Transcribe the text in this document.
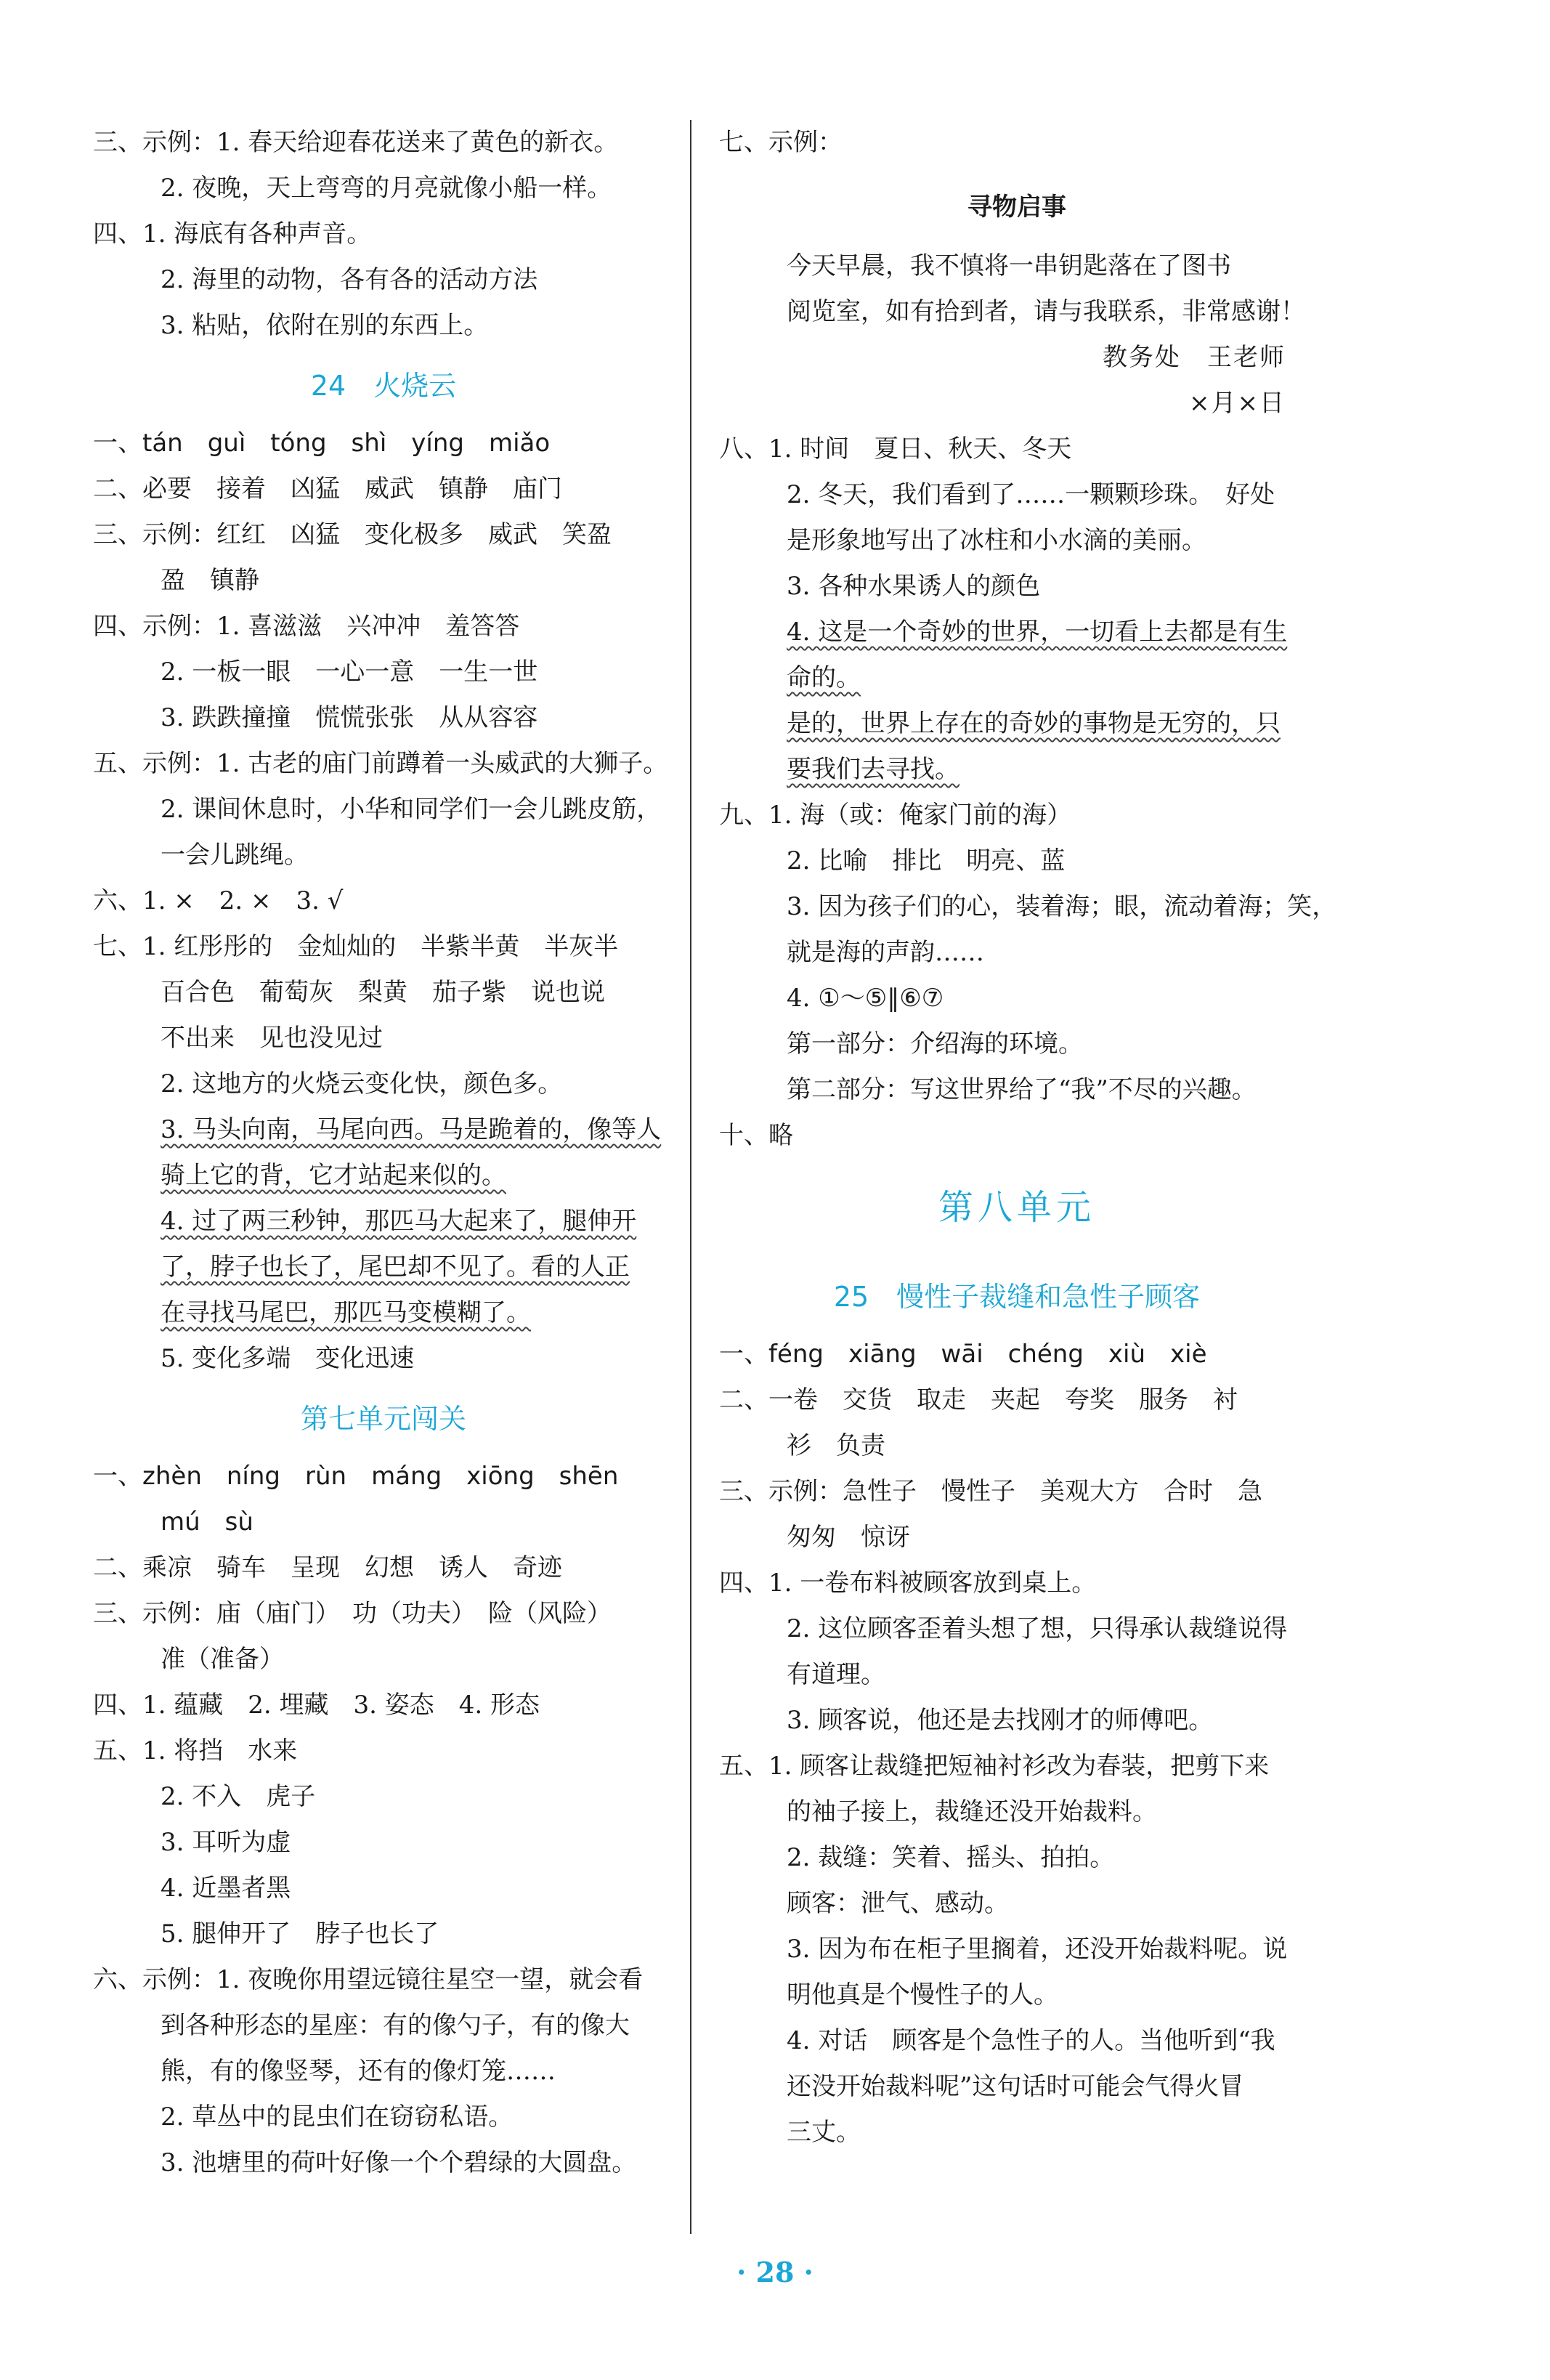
三、示例：1. 春天给迎春花送来了黄色的新衣。
2. 夜晚，天上弯弯的月亮就像小船一样。
四、1. 海底有各种声音。
2. 海里的动物，各有各的活动方法
3. 粘贴，依附在别的东西上。
24　火烧云
一、tán　guì　tóng　shì　yíng　miǎo
二、必要　接着　凶猛　威武　镇静　庙门
三、示例：红红　凶猛　变化极多　威武　笑盈
盈　镇静
四、示例：1. 喜滋滋　兴冲冲　羞答答
2. 一板一眼　一心一意　一生一世
3. 跌跌撞撞　慌慌张张　从从容容
五、示例：1. 古老的庙门前蹲着一头威武的大狮子。
2. 课间休息时，小华和同学们一会儿跳皮筋，
一会儿跳绳。
六、1. ×　2. ×　3. √
七、1. 红彤彤的　金灿灿的　半紫半黄　半灰半
百合色　葡萄灰　梨黄　茄子紫　说也说
不出来　见也没见过
2. 这地方的火烧云变化快，颜色多。
3. 马头向南，马尾向西。马是跪着的，像等人
骑上它的背，它才站起来似的。
4. 过了两三秒钟，那匹马大起来了，腿伸开
了，脖子也长了，尾巴却不见了。看的人正
在寻找马尾巴，那匹马变模糊了。
5. 变化多端　变化迅速
第七单元闯关
一、zhèn　níng　rùn　máng　xiōng　shēn
mú　sù
二、乘凉　骑车　呈现　幻想　诱人　奇迹
三、示例：庙（庙门）　功（功夫）　险（风险）
准（准备）
四、1. 蕴藏　2. 埋藏　3. 姿态　4. 形态
五、1. 将挡　水来
2. 不入　虎子
3. 耳听为虚
4. 近墨者黑
5. 腿伸开了　脖子也长了
六、示例：1. 夜晚你用望远镜往星空一望，就会看
到各种形态的星座：有的像勺子，有的像大
熊，有的像竖琴，还有的像灯笼……
2. 草丛中的昆虫们在窃窃私语。
3. 池塘里的荷叶好像一个个碧绿的大圆盘。
七、示例：
寻物启事
今天早晨，我不慎将一串钥匙落在了图书
阅览室，如有拾到者，请与我联系，非常感谢！
教务处　王老师
×月×日
八、1. 时间　夏日、秋天、冬天
2. 冬天，我们看到了……一颗颗珍珠。　好处
是形象地写出了冰柱和小水滴的美丽。
3. 各种水果诱人的颜色
4. 这是一个奇妙的世界，一切看上去都是有生
命的。
是的，世界上存在的奇妙的事物是无穷的，只
要我们去寻找。
九、1. 海（或：俺家门前的海）
2. 比喻　排比　明亮、蓝
3. 因为孩子们的心，装着海；眼，流动着海；笑，
就是海的声韵……
4. ①～⑤‖⑥⑦
第一部分：介绍海的环境。
第二部分：写这世界给了“我”不尽的兴趣。
十、略
第八单元
25　慢性子裁缝和急性子顾客
一、féng　xiāng　wāi　chéng　xiù　xiè
二、一卷　交货　取走　夹起　夸奖　服务　衬
衫　负责
三、示例：急性子　慢性子　美观大方　合时　急
匆匆　惊讶
四、1. 一卷布料被顾客放到桌上。
2. 这位顾客歪着头想了想，只得承认裁缝说得
有道理。
3. 顾客说，他还是去找刚才的师傅吧。
五、1. 顾客让裁缝把短袖衬衫改为春装，把剪下来
的袖子接上，裁缝还没开始裁料。
2. 裁缝：笑着、摇头、拍拍。
顾客：泄气、感动。
3. 因为布在柜子里搁着，还没开始裁料呢。说
明他真是个慢性子的人。
4. 对话　顾客是个急性子的人。当他听到“我
还没开始裁料呢”这句话时可能会气得火冒
三丈。
· 28 ·
